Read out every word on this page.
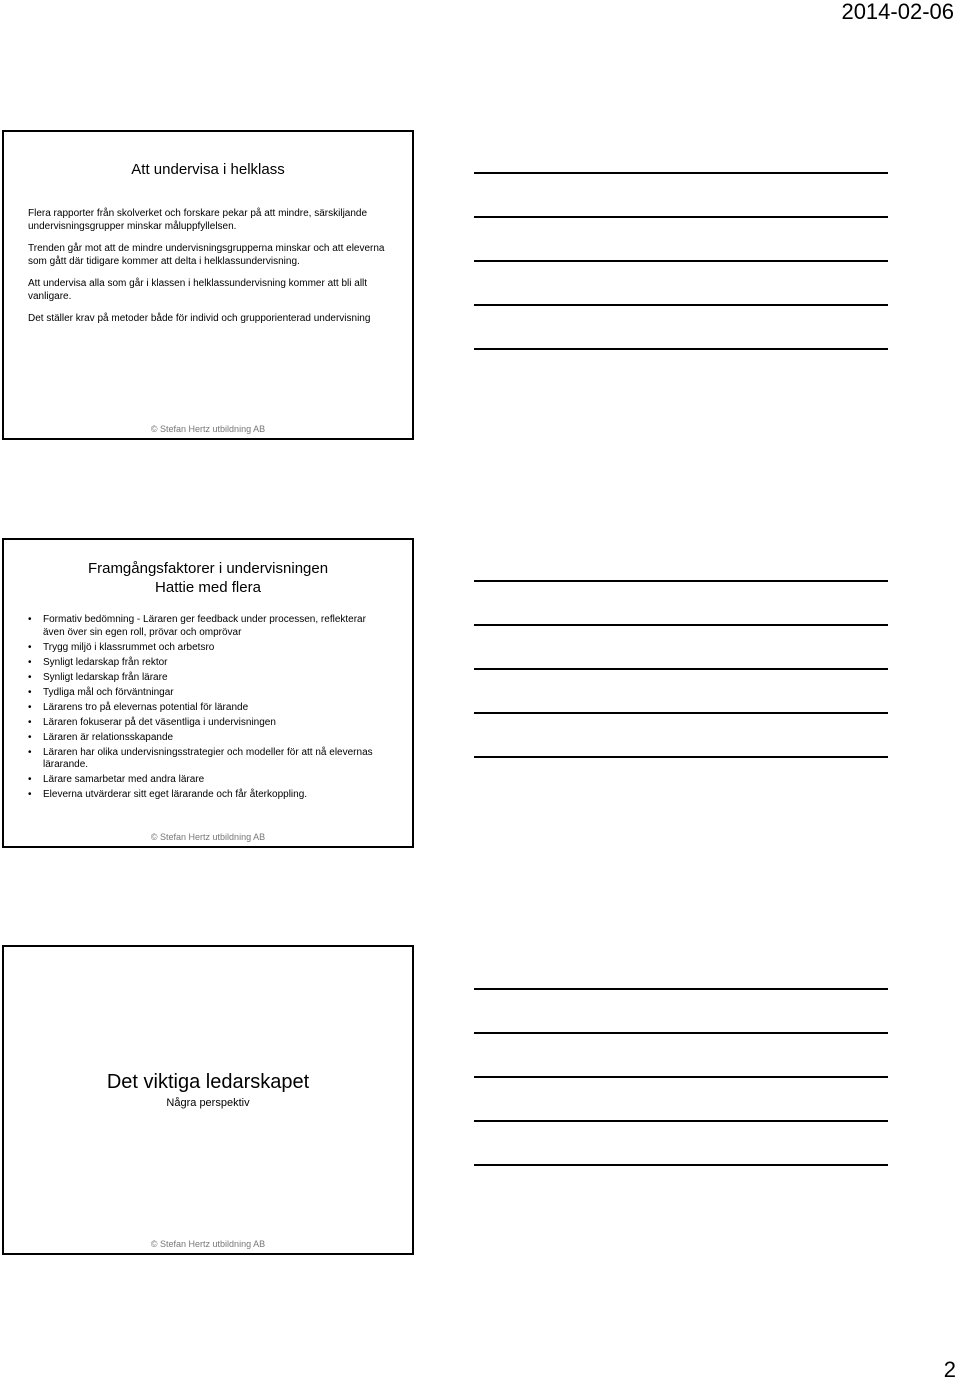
2014-02-06
Att undervisa i helklass

Flera rapporter från skolverket och forskare pekar på att mindre, särskiljande undervisningsgrupper minskar måluppfyllelsen.

Trenden går mot att de mindre undervisningsgrupperna minskar och att eleverna som gått där tidigare kommer att delta i helklassundervisning.

Att undervisa alla som går i klassen i helklassundervisning kommer att bli allt vanligare.

Det ställer krav på metoder både för individ och grupporienterad undervisning

© Stefan Hertz utbildning AB
Framgångsfaktorer i undervisningen
Hattie med flera
• Formativ bedömning - Läraren ger feedback under processen, reflekterar även över sin egen roll, prövar och omprövar
• Trygg miljö i klassrummet och arbetsro
• Synligt ledarskap från rektor
• Synligt ledarskap från lärare
• Tydliga mål och förväntningar
• Lärarens tro på elevernas potential för lärande
• Läraren fokuserar på det väsentliga i undervisningen
• Läraren är relationsskapande
• Läraren har olika undervisningsstrategier och modeller för att nå elevernas lärarande.
• Lärare samarbetar med andra lärare
• Eleverna utvärderar sitt eget lärarande och får återkoppling.
© Stefan Hertz utbildning AB
Det viktiga ledarskapet
Några perspektiv
© Stefan Hertz utbildning AB
2
